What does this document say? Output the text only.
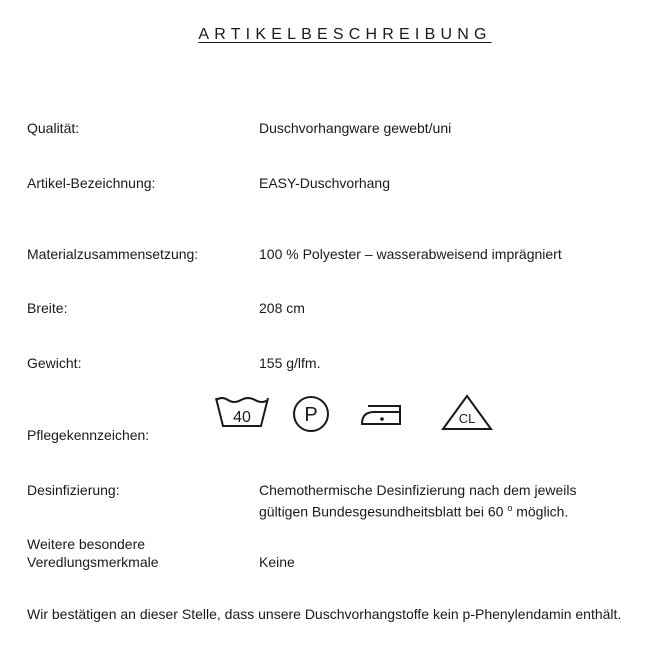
ARTIKELBESCHREIBUNG
Qualität:	Duschvorhangware gewebt/uni
Artikel-Bezeichnung:	EASY-Duschvorhang
Materialzusammensetzung:	100 % Polyester – wasserabweisend imprägniert
Breite:	208 cm
Gewicht:	155 g/lfm.
Pflegekennzeichen:
40	P	CL
Desinfizierung:	Chemothermische Desinfizierung nach dem jeweils
gültigen Bundesgesundheitsblatt bei 60 $^o$ möglich.
Weitere besondere
Veredlungsmerkmale	Keine
Wir bestätigen an dieser Stelle, dass unsere Duschvorhangstoffe kein p-Phenylendamin enthält.
